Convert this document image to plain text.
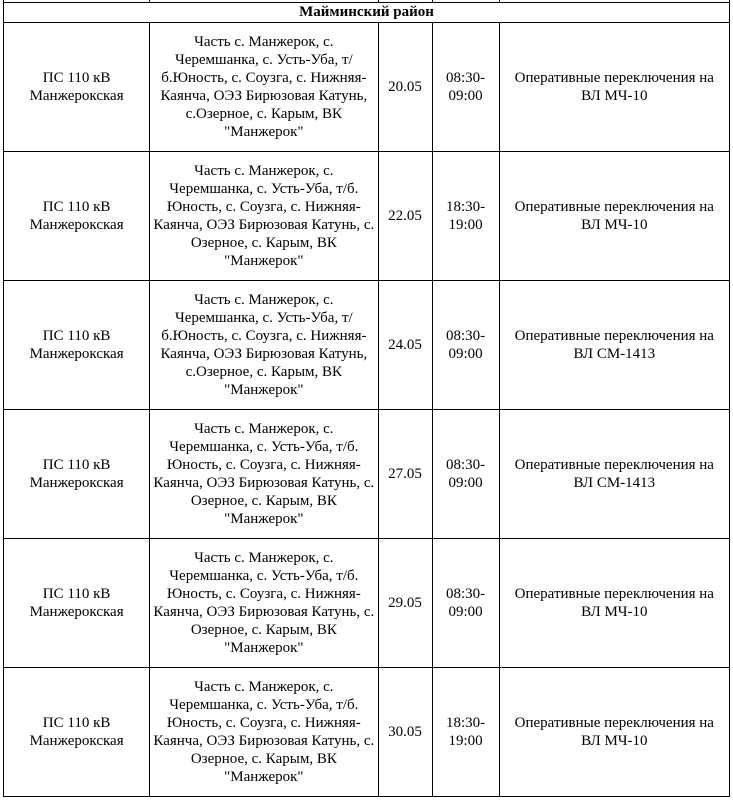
Майминский район				

ПС 110 кВ Манжерокская	Часть с. Манжерок, с. Черемшанка, с. Усть-Уба, т/б.Юность, с. Соузга, с. Нижняя-Каянча, ОЭЗ Бирюзовая Катунь, с.Озерное, с. Карым, ВК "Манжерок"	20.05	08:30-09:00	Оперативные переключения на ВЛ МЧ-10

ПС 110 кВ Манжерокская	Часть с. Манжерок, с. Черемшанка, с. Усть-Уба, т/б. Юность, с. Соузга, с. Нижняя-Каянча, ОЭЗ Бирюзовая Катунь, с. Озерное, с. Карым, ВК "Манжерок"	22.05	18:30-19:00	Оперативные переключения на ВЛ МЧ-10

ПС 110 кВ Манжерокская	Часть с. Манжерок, с. Черемшанка, с. Усть-Уба, т/б.Юность, с. Соузга, с. Нижняя-Каянча, ОЭЗ Бирюзовая Катунь, с.Озерное, с. Карым, ВК "Манжерок"	24.05	08:30-09:00	Оперативные переключения на ВЛ СМ-1413

ПС 110 кВ Манжерокская	Часть с. Манжерок, с. Черемшанка, с. Усть-Уба, т/б. Юность, с. Соузга, с. Нижняя-Каянча, ОЭЗ Бирюзовая Катунь, с. Озерное, с. Карым, ВК "Манжерок"	27.05	08:30-09:00	Оперативные переключения на ВЛ СМ-1413

ПС 110 кВ Манжерокская	Часть с. Манжерок, с. Черемшанка, с. Усть-Уба, т/б. Юность, с. Соузга, с. Нижняя-Каянча, ОЭЗ Бирюзовая Катунь, с. Озерное, с. Карым, ВК "Манжерок"	29.05	08:30-09:00	Оперативные переключения на ВЛ МЧ-10

ПС 110 кВ Манжерокская	Часть с. Манжерок, с. Черемшанка, с. Усть-Уба, т/б. Юность, с. Соузга, с. Нижняя-Каянча, ОЭЗ Бирюзовая Катунь, с. Озерное, с. Карым, ВК "Манжерок"	30.05	18:30-19:00	Оперативные переключения на ВЛ МЧ-10
